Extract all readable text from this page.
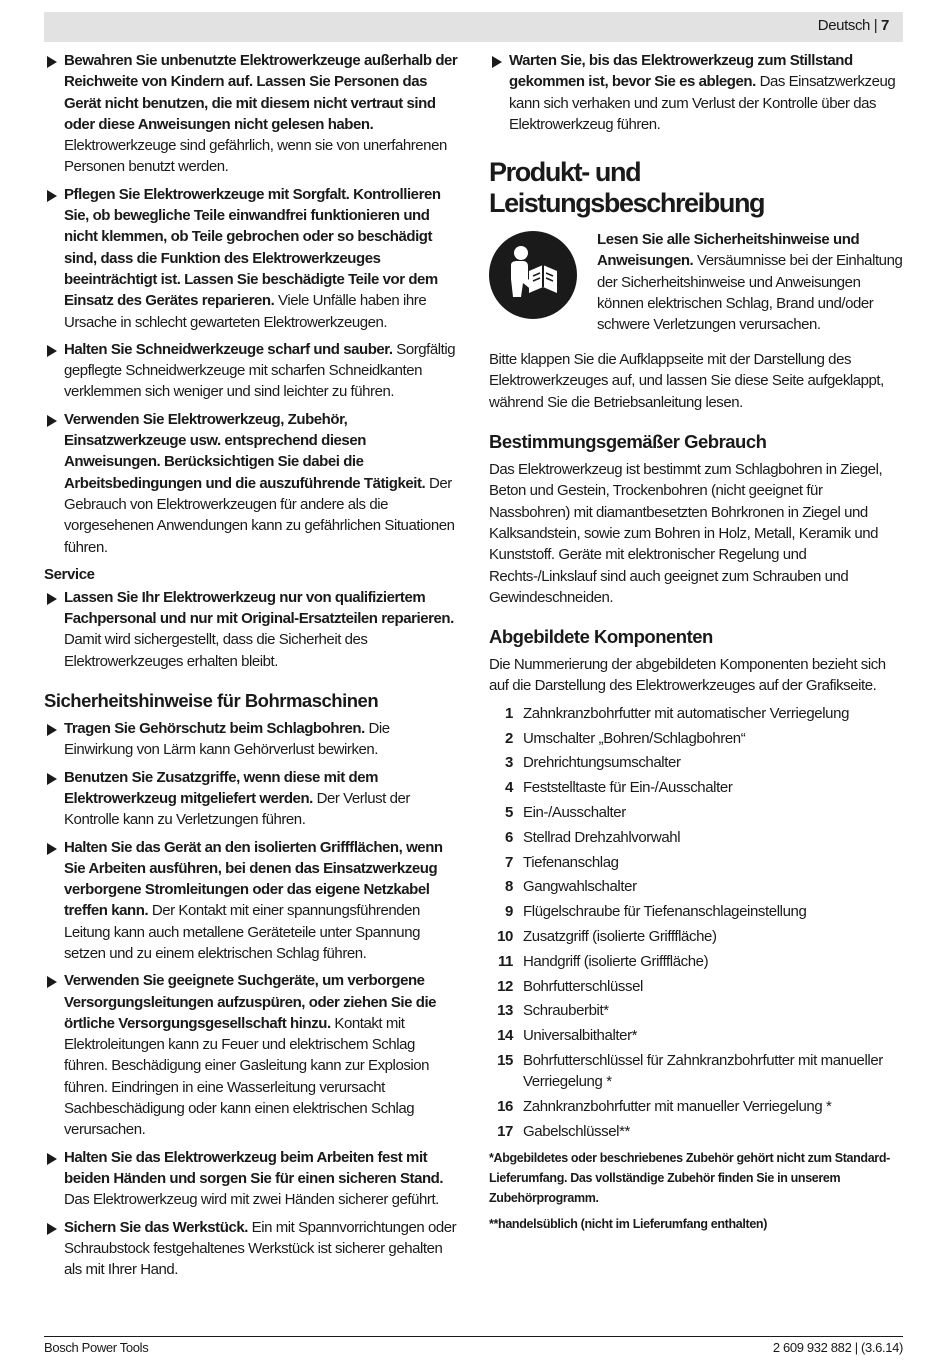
Deutsch | 7
Bewahren Sie unbenutzte Elektrowerkzeuge außerhalb der Reichweite von Kindern auf. Lassen Sie Personen das Gerät nicht benutzen, die mit diesem nicht vertraut sind oder diese Anweisungen nicht gelesen haben. Elektrowerkzeuge sind gefährlich, wenn sie von unerfahrenen Personen benutzt werden.
Pflegen Sie Elektrowerkzeuge mit Sorgfalt. Kontrollieren Sie, ob bewegliche Teile einwandfrei funktionieren und nicht klemmen, ob Teile gebrochen oder so beschädigt sind, dass die Funktion des Elektrowerkzeuges beeinträchtigt ist. Lassen Sie beschädigte Teile vor dem Einsatz des Gerätes reparieren. Viele Unfälle haben ihre Ursache in schlecht gewarteten Elektrowerkzeugen.
Halten Sie Schneidwerkzeuge scharf und sauber. Sorgfältig gepflegte Schneidwerkzeuge mit scharfen Schneidkanten verklemmen sich weniger und sind leichter zu führen.
Verwenden Sie Elektrowerkzeug, Zubehör, Einsatzwerkzeuge usw. entsprechend diesen Anweisungen. Berücksichtigen Sie dabei die Arbeitsbedingungen und die auszuführende Tätigkeit. Der Gebrauch von Elektrowerkzeugen für andere als die vorgesehenen Anwendungen kann zu gefährlichen Situationen führen.
Service
Lassen Sie Ihr Elektrowerkzeug nur von qualifiziertem Fachpersonal und nur mit Original-Ersatzteilen reparieren. Damit wird sichergestellt, dass die Sicherheit des Elektrowerkzeuges erhalten bleibt.
Sicherheitshinweise für Bohrmaschinen
Tragen Sie Gehörschutz beim Schlagbohren. Die Einwirkung von Lärm kann Gehörverlust bewirken.
Benutzen Sie Zusatzgriffe, wenn diese mit dem Elektrowerkzeug mitgeliefert werden. Der Verlust der Kontrolle kann zu Verletzungen führen.
Halten Sie das Gerät an den isolierten Griffflächen, wenn Sie Arbeiten ausführen, bei denen das Einsatzwerkzeug verborgene Stromleitungen oder das eigene Netzkabel treffen kann. Der Kontakt mit einer spannungsführenden Leitung kann auch metallene Geräteteile unter Spannung setzen und zu einem elektrischen Schlag führen.
Verwenden Sie geeignete Suchgeräte, um verborgene Versorgungsleitungen aufzuspüren, oder ziehen Sie die örtliche Versorgungsgesellschaft hinzu. Kontakt mit Elektroleitungen kann zu Feuer und elektrischem Schlag führen. Beschädigung einer Gasleitung kann zur Explosion führen. Eindringen in eine Wasserleitung verursacht Sachbeschädigung oder kann einen elektrischen Schlag verursachen.
Halten Sie das Elektrowerkzeug beim Arbeiten fest mit beiden Händen und sorgen Sie für einen sicheren Stand. Das Elektrowerkzeug wird mit zwei Händen sicherer geführt.
Sichern Sie das Werkstück. Ein mit Spannvorrichtungen oder Schraubstock festgehaltenes Werkstück ist sicherer gehalten als mit Ihrer Hand.
Warten Sie, bis das Elektrowerkzeug zum Stillstand gekommen ist, bevor Sie es ablegen. Das Einsatzwerkzeug kann sich verhaken und zum Verlust der Kontrolle über das Elektrowerkzeug führen.
Produkt- und Leistungsbeschreibung
Lesen Sie alle Sicherheitshinweise und Anweisungen. Versäumnisse bei der Einhaltung der Sicherheitshinweise und Anweisungen können elektrischen Schlag, Brand und/oder schwere Verletzungen verursachen.
Bitte klappen Sie die Aufklappseite mit der Darstellung des Elektrowerkzeuges auf, und lassen Sie diese Seite aufgeklappt, während Sie die Betriebsanleitung lesen.
Bestimmungsgemäßer Gebrauch
Das Elektrowerkzeug ist bestimmt zum Schlagbohren in Ziegel, Beton und Gestein, Trockenbohren (nicht geeignet für Nassbohren) mit diamantbesetzten Bohrkronen in Ziegel und Kalksandstein, sowie zum Bohren in Holz, Metall, Keramik und Kunststoff. Geräte mit elektronischer Regelung und Rechts-/Linkslauf sind auch geeignet zum Schrauben und Gewindeschneiden.
Abgebildete Komponenten
Die Nummerierung der abgebildeten Komponenten bezieht sich auf die Darstellung des Elektrowerkzeuges auf der Grafikseite.
1 Zahnkranzbohrfutter mit automatischer Verriegelung
2 Umschalter „Bohren/Schlagbohren“
3 Drehrichtungsumschalter
4 Feststelltaste für Ein-/Ausschalter
5 Ein-/Ausschalter
6 Stellrad Drehzahlvorwahl
7 Tiefenanschlag
8 Gangwahlschalter
9 Flügelschraube für Tiefenanschlageinstellung
10 Zusatzgriff (isolierte Grifffläche)
11 Handgriff (isolierte Grifffläche)
12 Bohrfutterschlüssel
13 Schrauberbit*
14 Universalbithalter*
15 Bohrfutterschlüssel für Zahnkranzbohrfutter mit manueller Verriegelung *
16 Zahnkranzbohrfutter mit manueller Verriegelung *
17 Gabelschlüssel**
*Abgebildetes oder beschriebenes Zubehör gehört nicht zum Standard-Lieferumfang. Das vollständige Zubehör finden Sie in unserem Zubehörprogramm.
**handelsüblich (nicht im Lieferumfang enthalten)
Bosch Power Tools	2 609 932 882 | (3.6.14)
